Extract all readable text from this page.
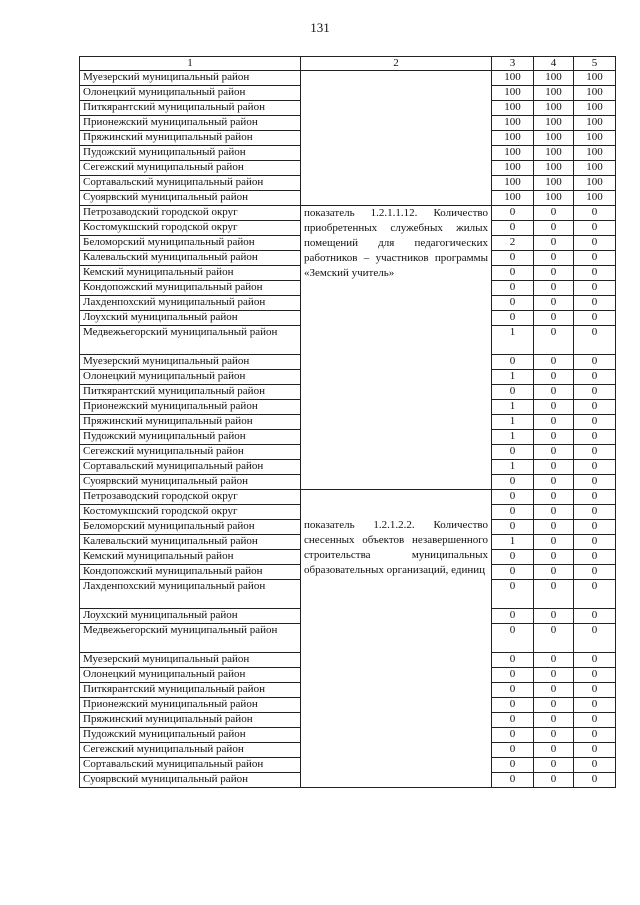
131
1	2	3	4	5
Муезерский муниципальный район		100	100	100
Олонецкий муниципальный район		100	100	100
Питкярантский муниципальный район		100	100	100
Прионежский муниципальный район		100	100	100
Пряжинский муниципальный район		100	100	100
Пудожский муниципальный район		100	100	100
Сегежский муниципальный район		100	100	100
Сортавальский муниципальный район		100	100	100
Суоярвский муниципальный район		100	100	100
Петрозаводский городской округ	показатель 1.2.1.1.12. Количество приобретенных служебных жилых помещений для педагогических работников – участников программы «Земский учитель»	0	0	0
Костомукшский городской округ		0	0	0
Беломорский муниципальный район		2	0	0
Калевальский муниципальный район		0	0	0
Кемский муниципальный район		0	0	0
Кондопожский муниципальный район		0	0	0
Лахденпохский муниципальный район		0	0	0
Лоухский муниципальный район		0	0	0
Медвежьегорский муниципальный район		1	0	0
Муезерский муниципальный район		0	0	0
Олонецкий муниципальный район		1	0	0
Питкярантский муниципальный район		0	0	0
Прионежский муниципальный район		1	0	0
Пряжинский муниципальный район		1	0	0
Пудожский муниципальный район		1	0	0
Сегежский муниципальный район		0	0	0
Сортавальский муниципальный район		1	0	0
Суоярвский муниципальный район		0	0	0
Петрозаводский городской округ	показатель 1.2.1.2.2. Количество снесенных объектов незавершенного строительства муниципальных образовательных организаций, единиц	0	0	0
Костомукшский городской округ		0	0	0
Беломорский муниципальный район		0	0	0
Калевальский муниципальный район		1	0	0
Кемский муниципальный район		0	0	0
Кондопожский муниципальный район		0	0	0
Лахденпохский муниципальный район		0	0	0
Лоухский муниципальный район		0	0	0
Медвежьегорский муниципальный район		0	0	0
Муезерский муниципальный район		0	0	0
Олонецкий муниципальный район		0	0	0
Питкярантский муниципальный район		0	0	0
Прионежский муниципальный район		0	0	0
Пряжинский муниципальный район		0	0	0
Пудожский муниципальный район		0	0	0
Сегежский муниципальный район		0	0	0
Сортавальский муниципальный район		0	0	0
Суоярвский муниципальный район		0	0	0
